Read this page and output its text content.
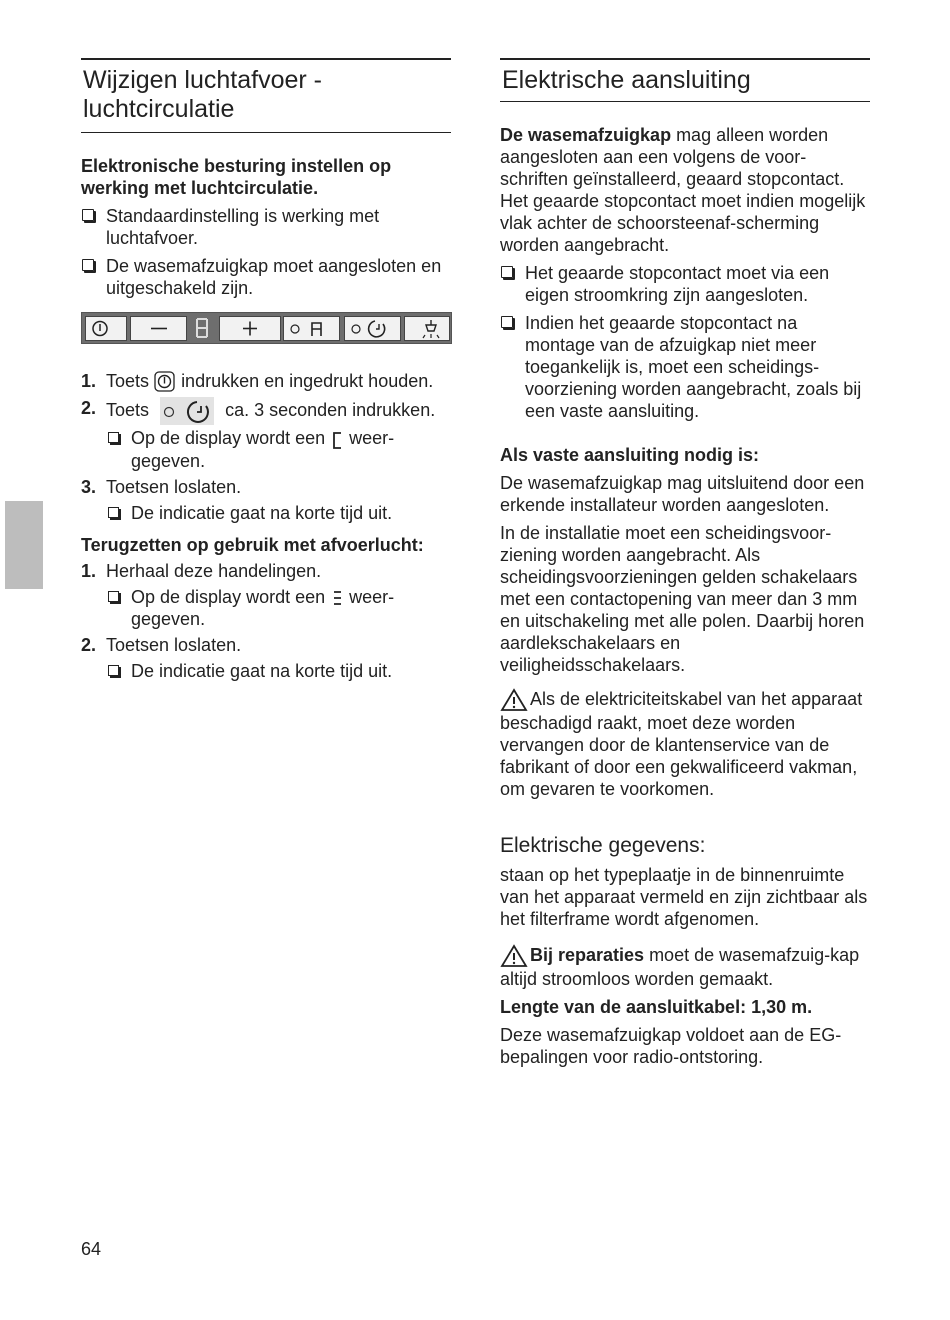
Wijzigen luchtafvoer - luchtcirculatie

Elektronische besturing instellen op werking met luchtcirculatie.

Standaardinstelling is werking met luchtafvoer.
De wasemafzuigkap moet aangesloten en uitgeschakeld zijn.
1. Toets indrukken en ingedrukt houden.
2. Toets	ca. 3 seconden indrukken.
Op de display wordt een weer-gegeven.
3. Toetsen loslaten.
De indicatie gaat na korte tijd uit.

Terugzetten op gebruik met afvoerlucht:

1. Herhaal deze handelingen.
Op de display wordt een weer-gegeven.
2. Toetsen loslaten.
De indicatie gaat na korte tijd uit.
Elektrische aansluiting

De wasemafzuigkap mag alleen worden aangesloten aan een volgens de voor-schriften geïnstalleerd, geaard stopcontact. Het geaarde stopcontact moet indien mogelijk vlak achter de schoorsteenaf-scherming worden aangebracht.

Het geaarde stopcontact moet via een eigen stroomkring zijn aangesloten.
Indien het geaarde stopcontact na montage van de afzuigkap niet meer toegankelijk is, moet een scheidings-voorziening worden aangebracht, zoals bij een vaste aansluiting.

Als vaste aansluiting nodig is:

De wasemafzuigkap mag uitsluitend door een erkende installateur worden aangesloten.

In de installatie moet een scheidingsvoor-ziening worden aangebracht. Als scheidingsvoorzieningen gelden schakelaars met een contactopening van meer dan 3 mm en uitschakeling met alle polen. Daarbij horen aardlekschakelaars en veiligheidsschakelaars.

Als de elektriciteitskabel van het apparaat beschadigd raakt, moet deze worden vervangen door de klantenservice van de fabrikant of door een gekwalificeerd vakman, om gevaren te voorkomen.

Elektrische gegevens:

staan op het typeplaatje in de binnenruimte van het apparaat vermeld en zijn zichtbaar als het filterframe wordt afgenomen.

Bij reparaties moet de wasemafzuig-kap altijd stroomloos worden gemaakt.

Lengte van de aansluitkabel: 1,30 m.

Deze wasemafzuigkap voldoet aan de EG-bepalingen voor radio-ontstoring.

64
